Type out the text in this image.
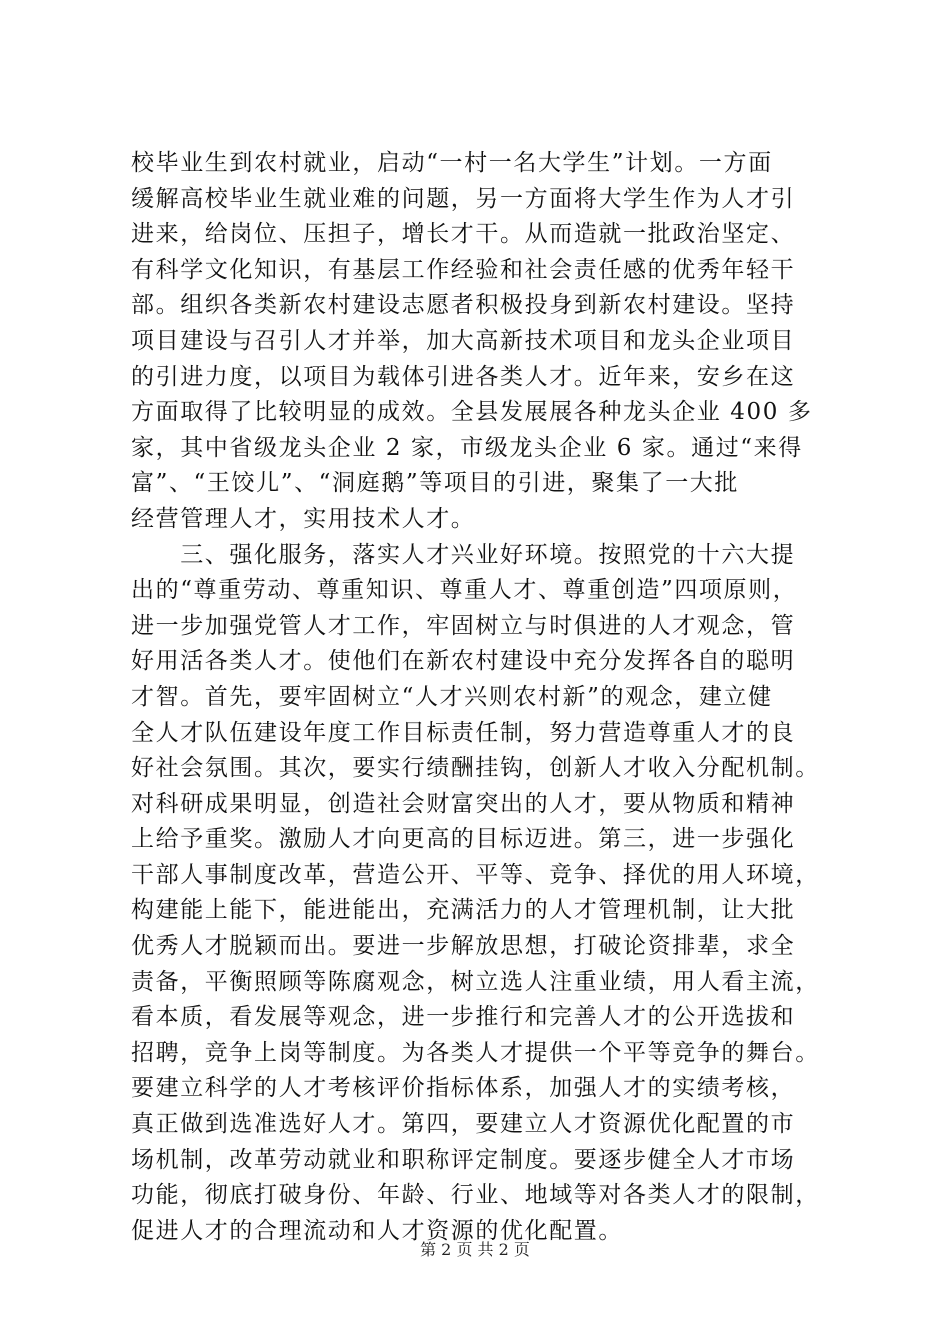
校毕业生到农村就业，启动“一村一名大学生”计划。一方面
缓解高校毕业生就业难的问题，另一方面将大学生作为人才引
进来，给岗位、压担子，增长才干。从而造就一批政治坚定、
有科学文化知识，有基层工作经验和社会责任感的优秀年轻干
部。组织各类新农村建设志愿者积极投身到新农村建设。坚持
项目建设与召引人才并举，加大高新技术项目和龙头企业项目
的引进力度，以项目为载体引进各类人才。近年来，安乡在这
方面取得了比较明显的成效。全县发展展各种龙头企业 400 多
家，其中省级龙头企业 2 家，市级龙头企业 6 家。通过“来得
富”、“王饺儿”、“洞庭鹅”等项目的引进，聚集了一大批
经营管理人才，实用技术人才。
　　三、强化服务，落实人才兴业好环境。按照党的十六大提
出的“尊重劳动、尊重知识、尊重人才、尊重创造”四项原则，
进一步加强党管人才工作，牢固树立与时俱进的人才观念，管
好用活各类人才。使他们在新农村建设中充分发挥各自的聪明
才智。首先，要牢固树立“人才兴则农村新”的观念，建立健
全人才队伍建设年度工作目标责任制，努力营造尊重人才的良
好社会氛围。其次，要实行绩酬挂钩，创新人才收入分配机制。
对科研成果明显，创造社会财富突出的人才，要从物质和精神
上给予重奖。激励人才向更高的目标迈进。第三，进一步强化
干部人事制度改革，营造公开、平等、竞争、择优的用人环境，
构建能上能下，能进能出，充满活力的人才管理机制，让大批
优秀人才脱颖而出。要进一步解放思想，打破论资排辈，求全
责备，平衡照顾等陈腐观念，树立选人注重业绩，用人看主流，
看本质，看发展等观念，进一步推行和完善人才的公开选拔和
招聘，竞争上岗等制度。为各类人才提供一个平等竞争的舞台。
要建立科学的人才考核评价指标体系，加强人才的实绩考核，
真正做到选准选好人才。第四，要建立人才资源优化配置的市
场机制，改革劳动就业和职称评定制度。要逐步健全人才市场
功能，彻底打破身份、年龄、行业、地域等对各类人才的限制，
促进人才的合理流动和人才资源的优化配置。
第 2 页 共 2 页
